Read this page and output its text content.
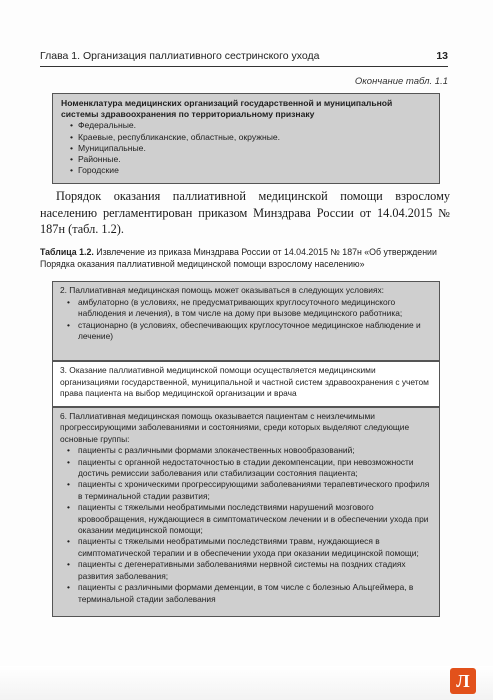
Глава 1. Организация паллиативного сестринского ухода	13
Окончание табл. 1.1
Номенклатура медицинских организаций государственной и муниципальной системы здравоохранения по территориальному признаку
• Федеральные.
• Краевые, республиканские, областные, окружные.
• Муниципальные.
• Районные.
• Городские

Порядок оказания паллиативной медицинской помощи взрослому населению регламентирован приказом Минздрава России от 14.04.2015 № 187н (табл. 1.2).

Таблица 1.2. Извлечение из приказа Минздрава России от 14.04.2015 № 187н «Об утверждении Порядка оказания паллиативной медицинской помощи взрослому населению»

2. Паллиативная медицинская помощь может оказываться в следующих условиях:

• амбулаторно (в условиях, не предусматривающих круглосуточного медицинского наблюдения и лечения), в том числе на дому при вызове медицинского работника;
• стационарно (в условиях, обеспечивающих круглосуточное медицинское наблюдение и лечение)

3. Оказание паллиативной медицинской помощи осуществляется медицинскими организациями государственной, муниципальной и частной систем здравоохранения с учетом права пациента на выбор медицинской организации и врача

6. Паллиативная медицинская помощь оказывается пациентам с неизлечимыми прогрессирующими заболеваниями и состояниями, среди которых выделяют следующие основные группы:

• пациенты с различными формами злокачественных новообразований;
• пациенты с органной недостаточностью в стадии декомпенсации, при невозможности достичь ремиссии заболевания или стабилизации состояния пациента;
• пациенты с хроническими прогрессирующими заболеваниями терапевтического профиля в терминальной стадии развития;
• пациенты с тяжелыми необратимыми последствиями нарушений мозгового кровообращения, нуждающиеся в симптоматическом лечении и в обеспечении ухода при оказании медицинской помощи;
• пациенты с тяжелыми необратимыми последствиями травм, нуждающиеся в симптоматической терапии и в обеспечении ухода при оказании медицинской помощи;
• пациенты с дегенеративными заболеваниями нервной системы на поздних стадиях развития заболевания;
• пациенты с различными формами деменции, в том числе с болезнью Альцгеймера, в терминальной стадии заболевания
Л
